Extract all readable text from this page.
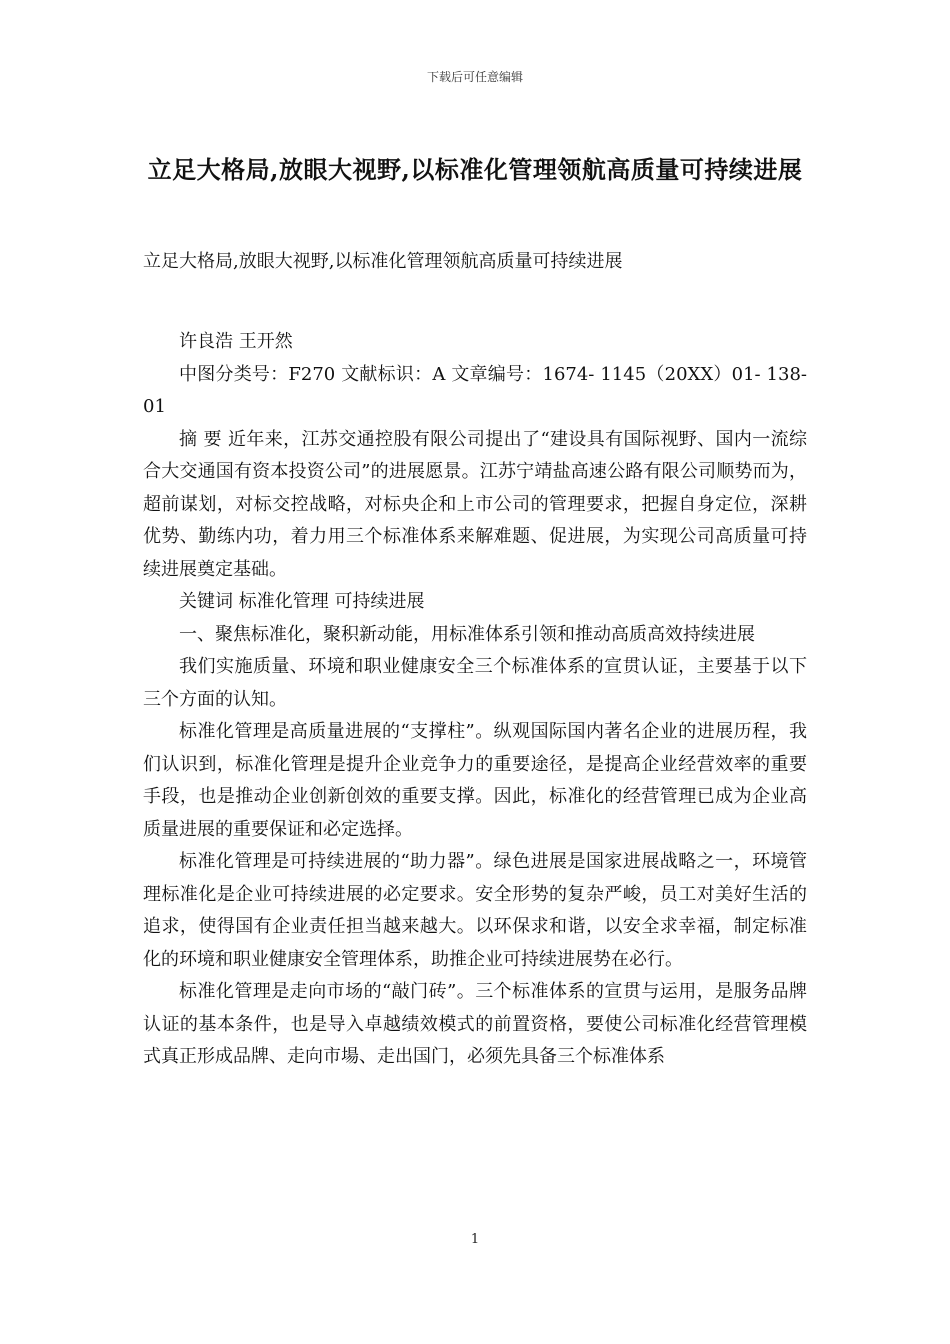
下载后可任意编辑
立足大格局,放眼大视野,以标准化管理领航高质量可持续进展
立足大格局,放眼大视野,以标准化管理领航高质量可持续进展

许良浩 王开然

中图分类号：F270 文献标识：A 文章编号：1674- 1145（20XX）01- 138-01

摘 要 近年来，江苏交通控股有限公司提出了“建设具有国际视野、国内一流综合大交通国有资本投资公司”的进展愿景。江苏宁靖盐高速公路有限公司顺势而为，超前谋划，对标交控战略，对标央企和上市公司的管理要求，把握自身定位，深耕优势、勤练内功，着力用三个标准体系来解难题、促进展，为实现公司高质量可持续进展奠定基础。

关键词 标准化管理 可持续进展

一、聚焦标准化，聚积新动能，用标准体系引领和推动高质高效持续进展

我们实施质量、环境和职业健康安全三个标准体系的宣贯认证，主要基于以下三个方面的认知。

标准化管理是高质量进展的“支撑柱”。纵观国际国内著名企业的进展历程，我们认识到，标准化管理是提升企业竞争力的重要途径，是提高企业经营效率的重要手段，也是推动企业创新创效的重要支撑。因此，标准化的经营管理已成为企业高质量进展的重要保证和必定选择。

标准化管理是可持续进展的“助力器”。绿色进展是国家进展战略之一，环境管理标准化是企业可持续进展的必定要求。安全形势的复杂严峻，员工对美好生活的追求，使得国有企业责任担当越来越大。以环保求和谐，以安全求幸福，制定标准化的环境和职业健康安全管理体系，助推企业可持续进展势在必行。

标准化管理是走向市场的“敲门砖”。三个标准体系的宣贯与运用，是服务品牌认证的基本条件，也是导入卓越绩效模式的前置资格，要使公司标准化经营管理模式真正形成品牌、走向市場、走出国门，必须先具备三个标准体系

1
